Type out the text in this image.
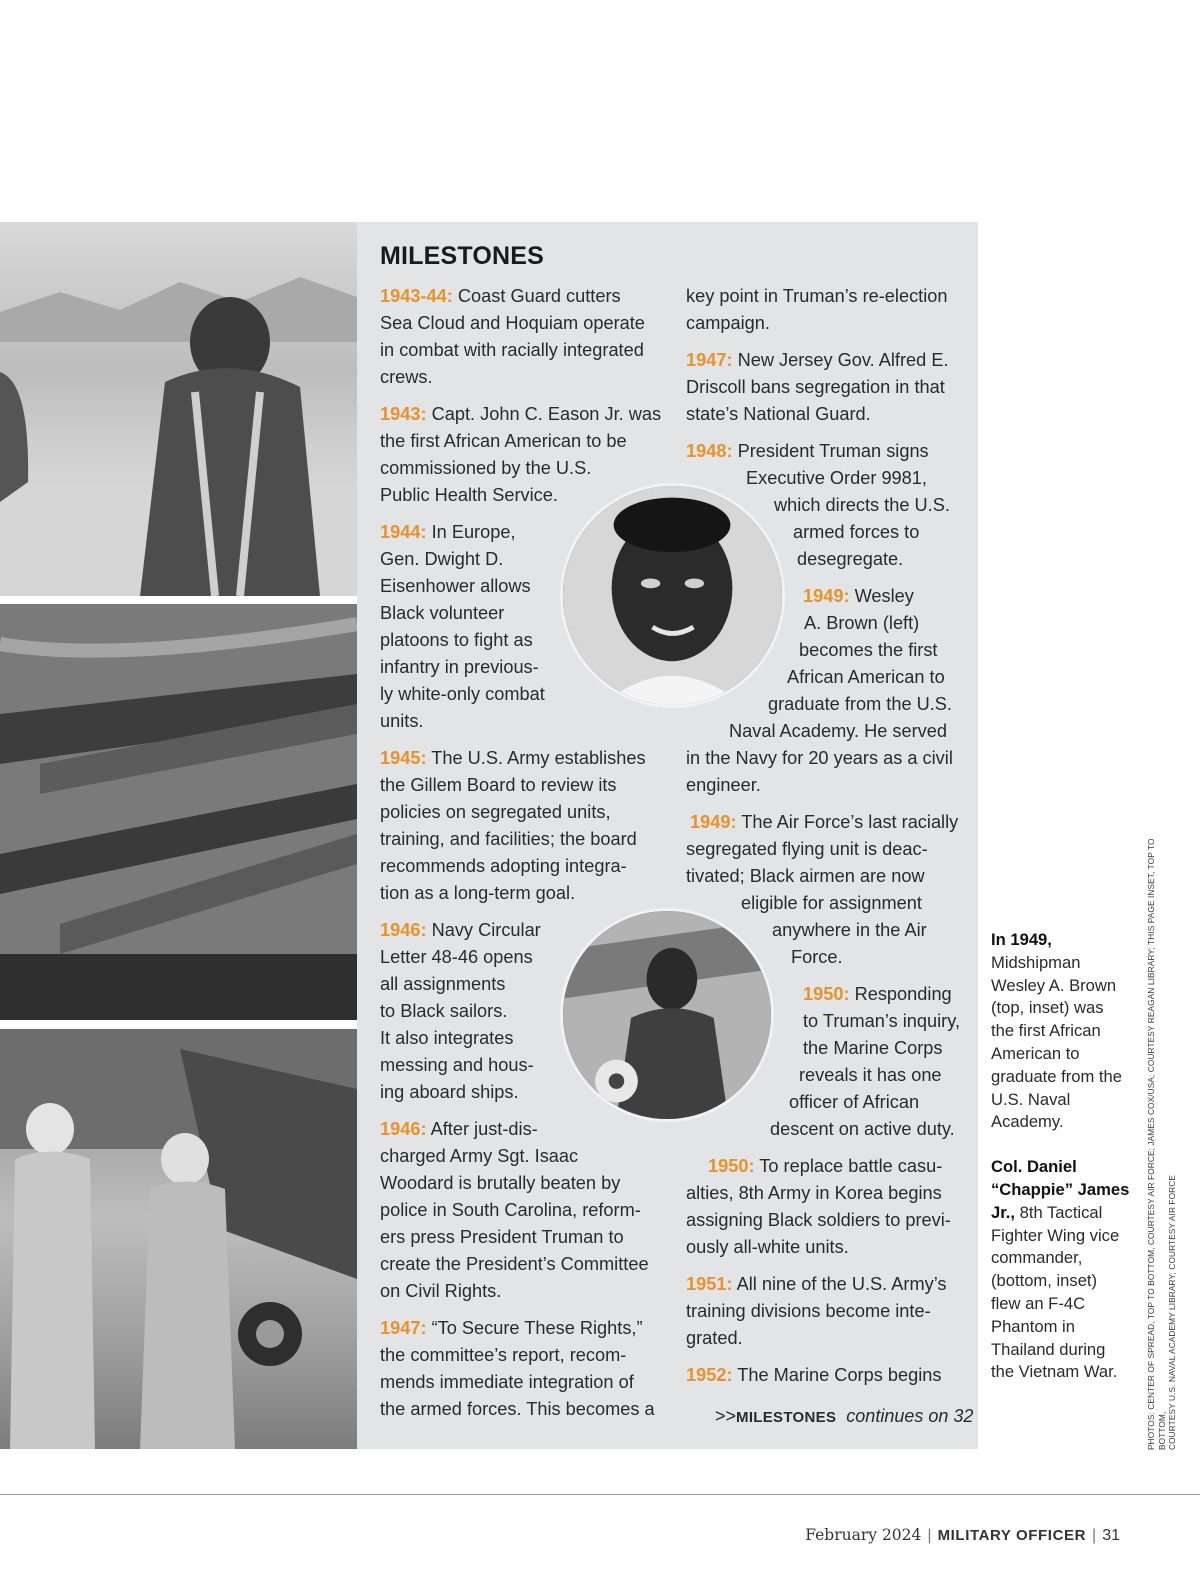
MILESTONES
1943-44: Coast Guard cutters
Sea Cloud and Hoquiam operate
in combat with racially integrated
crews.
1943: Capt. John C. Eason Jr. was
the first African American to be
commissioned by the U.S.
Public Health Service.
1944: In Europe,
Gen. Dwight D.
Eisenhower allows
Black volunteer
platoons to fight as
infantry in previous-
ly white-only combat
units.
1945: The U.S. Army establishes
the Gillem Board to review its
policies on segregated units,
training, and facilities; the board
recommends adopting integra-
tion as a long-term goal.
1946: Navy Circular
Letter 48-46 opens
all assignments
to Black sailors.
It also integrates
messing and hous-
ing aboard ships.
1946: After just-dis-
charged Army Sgt. Isaac
Woodard is brutally beaten by
police in South Carolina, reform-
ers press President Truman to
create the President’s Committee
on Civil Rights.
1947: “To Secure These Rights,”
the committee’s report, recom-
mends immediate integration of
the armed forces. This becomes a
key point in Truman’s re-election
campaign.
1947: New Jersey Gov. Alfred E.
Driscoll bans segregation in that
state’s National Guard.
1948: President Truman signs
Executive Order 9981,
which directs the U.S.
armed forces to
desegregate.
1949: Wesley
A. Brown (left)
becomes the first
African American to
graduate from the U.S.
Naval Academy. He served
in the Navy for 20 years as a civil
engineer.
1949: The Air Force’s last racially
segregated flying unit is deac-
tivated; Black airmen are now
eligible for assignment
anywhere in the Air
Force.
1950: Responding
to Truman’s inquiry,
the Marine Corps
reveals it has one
officer of African
descent on active duty.
1950: To replace battle casu-
alties, 8th Army in Korea begins
assigning Black soldiers to previ-
ously all-white units.
1951: All nine of the U.S. Army’s
training divisions become inte-
grated.
1952: The Marine Corps begins
>>MILESTONES continues on 32
In 1949, Midshipman Wesley A. Brown (top, inset) was the first African American to graduate from the U.S. Naval Academy.
Col. Daniel “Chappie” James Jr., 8th Tactical Fighter Wing vice commander, (bottom, inset) flew an F-4C Phantom in Thailand during the Vietnam War.	PHOTOS: CENTER OF SPREAD, TOP TO BOTTOM, COURTESY AIR FORCE; JAMES COX/USA; COURTESY REAGAN LIBRARY; THIS PAGE INSET, TOP TO BOTTOM, COURTESY U.S. NAVAL ACADEMY LIBRARY; COURTESY AIR FORCE
February 2024 | MILITARY OFFICER | 31
